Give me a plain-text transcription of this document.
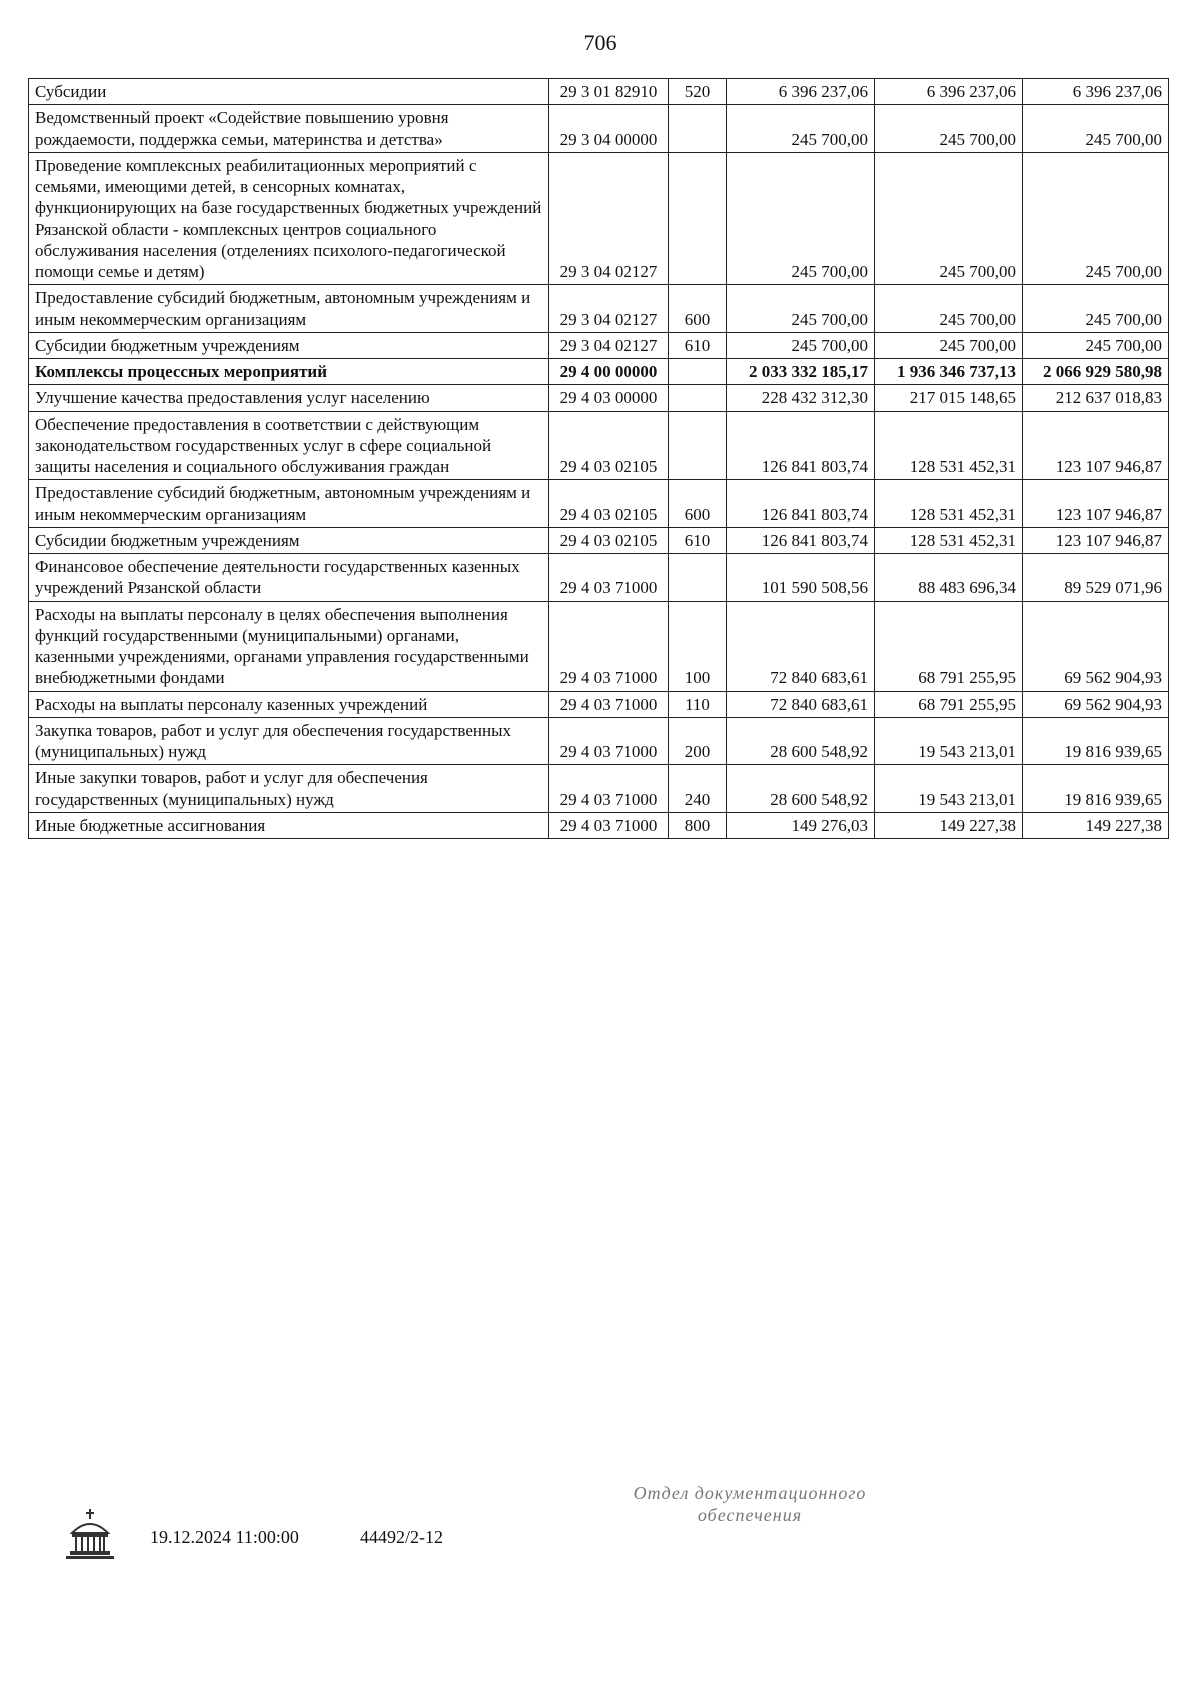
706
Субсидии	29 3 01 82910	520	6 396 237,06	6 396 237,06	6 396 237,06
Ведомственный проект «Содействие повышению уровня рождаемости, поддержка семьи, материнства и детства»	29 3 04 00000		245 700,00	245 700,00	245 700,00
Проведение комплексных реабилитационных мероприятий с семьями, имеющими детей, в сенсорных комнатах, функционирующих на базе государственных бюджетных учреждений Рязанской области - комплексных центров социального обслуживания населения (отделениях психолого-педагогической помощи семье и детям)	29 3 04 02127		245 700,00	245 700,00	245 700,00
Предоставление субсидий бюджетным, автономным учреждениям и иным некоммерческим организациям	29 3 04 02127	600	245 700,00	245 700,00	245 700,00
Субсидии бюджетным учреждениям	29 3 04 02127	610	245 700,00	245 700,00	245 700,00
Комплексы процессных мероприятий	29 4 00 00000		2 033 332 185,17	1 936 346 737,13	2 066 929 580,98
Улучшение качества предоставления услуг населению	29 4 03 00000		228 432 312,30	217 015 148,65	212 637 018,83
Обеспечение предоставления в соответствии с действующим законодательством государственных услуг в сфере социальной защиты населения и социального обслуживания граждан	29 4 03 02105		126 841 803,74	128 531 452,31	123 107 946,87
Предоставление субсидий бюджетным, автономным учреждениям и иным некоммерческим организациям	29 4 03 02105	600	126 841 803,74	128 531 452,31	123 107 946,87
Субсидии бюджетным учреждениям	29 4 03 02105	610	126 841 803,74	128 531 452,31	123 107 946,87
Финансовое обеспечение деятельности государственных казенных учреждений Рязанской области	29 4 03 71000		101 590 508,56	88 483 696,34	89 529 071,96
Расходы на выплаты персоналу в целях обеспечения выполнения функций государственными (муниципальными) органами, казенными учреждениями, органами управления государственными внебюджетными фондами	29 4 03 71000	100	72 840 683,61	68 791 255,95	69 562 904,93
Расходы на выплаты персоналу казенных учреждений	29 4 03 71000	110	72 840 683,61	68 791 255,95	69 562 904,93
Закупка товаров, работ и услуг для обеспечения государственных (муниципальных) нужд	29 4 03 71000	200	28 600 548,92	19 543 213,01	19 816 939,65
Иные закупки товаров, работ и услуг для обеспечения государственных (муниципальных) нужд	29 4 03 71000	240	28 600 548,92	19 543 213,01	19 816 939,65
Иные бюджетные ассигнования	29 4 03 71000	800	149 276,03	149 227,38	149 227,38
19.12.2024 11:00:00	44492/2-12
Отдел документационного
обеспечения
